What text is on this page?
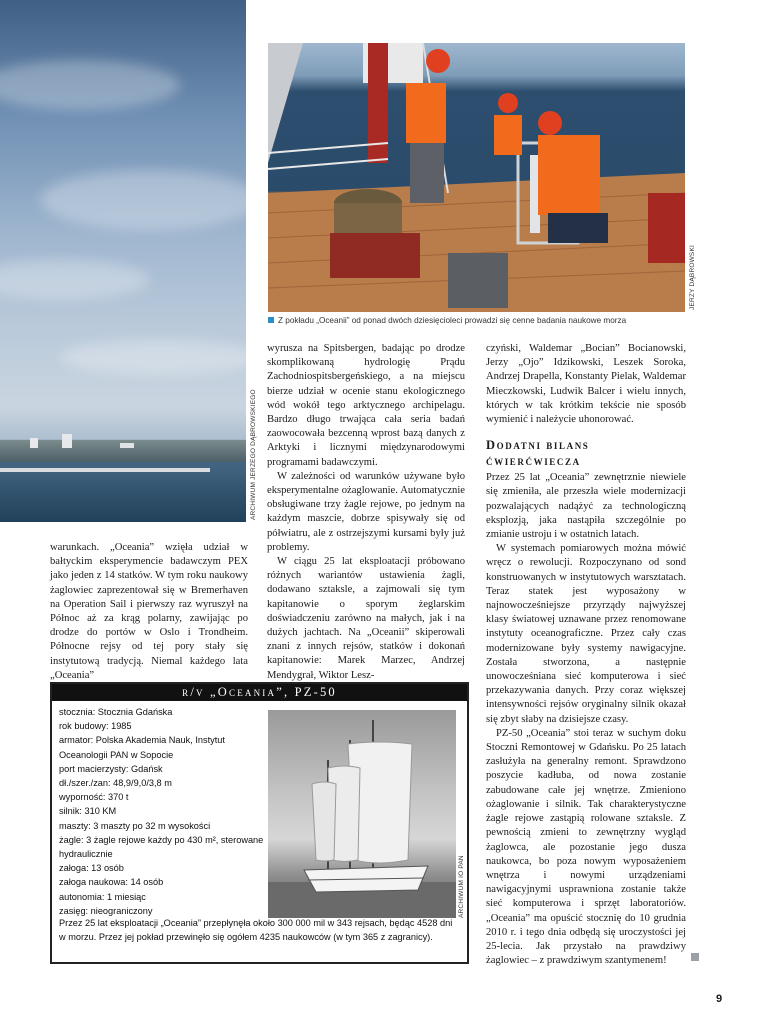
ARCHIWUM JERZEGO DĄBROWSKIEGO
JERZY DĄBROWSKI
Z pokładu „Oceanii” od ponad dwóch dziesięcioleci prowadzi się cenne badania naukowe morza

warunkach. „Oceania” wzięła udział w bałtyckim eksperymencie badawczym PEX jako jeden z 14 statków. W tym roku naukowy żaglowiec zaprezentował się w Bremerhaven na Operation Sail i pierwszy raz wyruszył na Północ aż za krąg polarny, zawijając po drodze do portów w Oslo i Trondheim. Północne rejsy od tej pory stały się instytutową tradycją. Niemal każdego lata „Oceania”

wyrusza na Spitsbergen, badając po drodze skomplikowaną hydrologię Prądu Zachodniospitsbergeńskiego, a na miejscu bierze udział w ocenie stanu ekologicznego wód wokół tego arktycznego archipelagu. Bardzo długo trwająca cała seria badań zaowocowała bezcenną wprost bazą danych z Arktyki i licznymi międzynarodowymi programami badawczymi.

W zależności od warunków używane było eksperymentalne ożaglowanie. Automatycznie obsługiwane trzy żagle rejowe, po jednym na każdym maszcie, dobrze spisywały się od półwiatru, ale z ostrzejszymi kursami były już problemy.

W ciągu 25 lat eksploatacji próbowano różnych wariantów ustawienia żagli, dodawano sztaksle, a zajmowali się tym kapitanowie o sporym żeglarskim doświadczeniu zarówno na małych, jak i na dużych jachtach. Na „Oceanii” skiperowali znani z innych rejsów, statków i dokonań kapitanowie: Marek Marzec, Andrzej Mendygrał, Wiktor Lesz-

czyński, Waldemar „Bocian” Bocianowski, Jerzy „Ojo” Idzikowski, Leszek Soroka, Andrzej Drapella, Konstanty Pielak, Waldemar Mieczkowski, Ludwik Balcer i wielu innych, których w tak krótkim tekście nie sposób wymienić i należycie uhonorować.

Dodatni bilans
ćwierćwiecza

Przez 25 lat „Oceania” zewnętrznie niewiele się zmieniła, ale przeszła wiele modernizacji pozwalających nadążyć za technologiczną eksplozją, jaka nastąpiła szczególnie po zmianie ustroju i w ostatnich latach.

W systemach pomiarowych można mówić wręcz o rewolucji. Rozpoczynano od sond konstruowanych w instytutowych warsztatach. Teraz statek jest wyposażony w najnowocześniejsze przyrządy najwyższej klasy światowej uznawane przez renomowane instytuty oceanograficzne. Przez cały czas modernizowane były systemy nawigacyjne. Została stworzona, a następnie unowocześniana sieć komputerowa i sieć przekazywania danych. Przy coraz większej intensywności rejsów oryginalny silnik okazał się zbyt słaby na dzisiejsze czasy.

PZ-50 „Oceania” stoi teraz w suchym doku Stoczni Remontowej w Gdańsku. Po 25 latach zasłużyła na generalny remont. Sprawdzono poszycie kadłuba, od nowa zostanie zabudowane całe jej wnętrze. Zmieniono ożaglowanie i silnik. Tak charakterystyczne żagle rejowe zastąpią rolowane sztaksle. Z pewnością zmieni to zewnętrzny wygląd żaglowca, ale pozostanie jego dusza naukowca, bo poza nowym wyposażeniem wnętrza i nowymi urządzeniami nawigacyjnymi usprawniona zostanie także sieć komputerowa i sprzęt laboratoriów. „Oceania” ma opuścić stocznię do 10 grudnia 2010 r. i tego dnia odbędą się uroczystości jej 25-lecia. Jak przystało na prawdziwy żaglowiec – z prawdziwym szantymenem!

r/v „Oceania”, PZ-50
stocznia: Stocznia Gdańska
rok budowy: 1985
armator: Polska Akademia Nauk, Instytut Oceanologii PAN w Sopocie
port macierzysty: Gdańsk
dł./szer./zan: 48,9/9,0/3,8 m
wyporność: 370 t
silnik: 310 KM
maszty: 3 maszty po 32 m wysokości
żagle: 3 żagle rejowe każdy po 430 m², sterowane hydraulicznie
załoga: 13 osób
załoga naukowa: 14 osób
autonomia: 1 miesiąc
zasięg: nieograniczony
Przez 25 lat eksploatacji „Oceania” przepłynęła około 300 000 mil w 343 rejsach, będąc 4528 dni w morzu. Przez jej pokład przewinęło się ogółem 4235 naukowców (w tym 365 z zagranicy).
ARCHIWUM IO PAN
9
